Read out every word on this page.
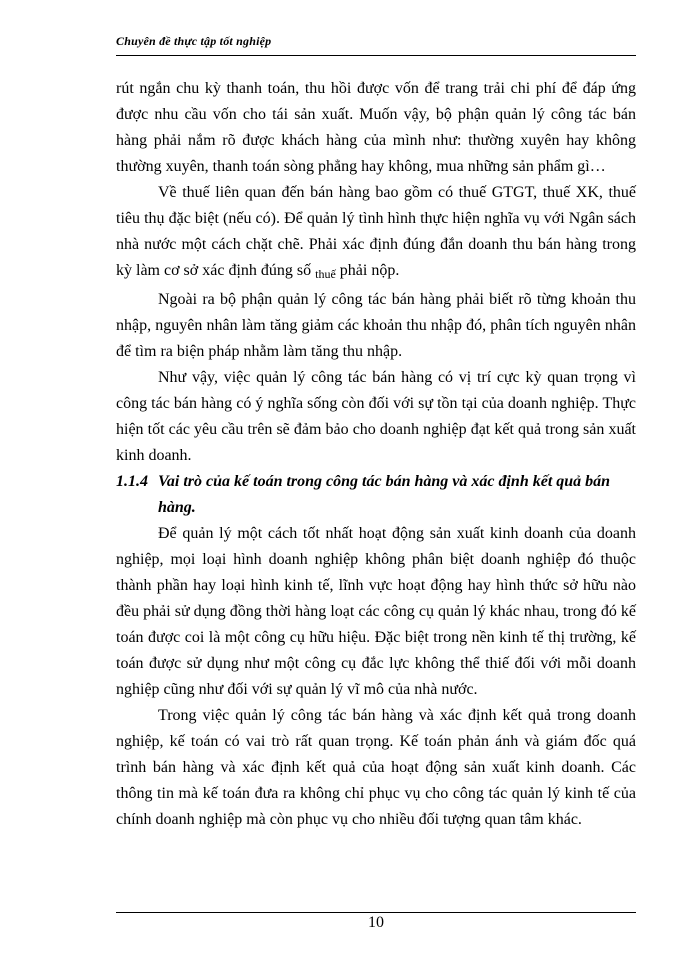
Chuyên đề thực tập tốt nghiệp

rút ngắn chu kỳ thanh toán, thu hồi được vốn để trang trải chi phí để đáp ứng được nhu cầu vốn cho tái sản xuất. Muốn vậy, bộ phận quản lý công tác bán hàng phải nắm rõ được khách hàng của mình như: thường xuyên hay không thường xuyên, thanh toán sòng phẳng hay không, mua những sản phẩm gì…

Về thuế liên quan đến bán hàng bao gồm có thuế GTGT, thuế XK, thuế tiêu thụ đặc biệt (nếu có). Để quản lý tình hình thực hiện nghĩa vụ với Ngân sách nhà nước một cách chặt chẽ. Phải xác định đúng đắn doanh thu bán hàng trong kỳ làm cơ sở xác định đúng số $_{thuế}$ phải nộp.

Ngoài ra bộ phận quản lý công tác bán hàng phải biết rõ từng khoản thu nhập, nguyên nhân làm tăng giảm các khoản thu nhập đó, phân tích nguyên nhân để tìm ra biện pháp nhằm làm tăng thu nhập.

Như vậy, việc quản lý công tác bán hàng có vị trí cực kỳ quan trọng vì công tác bán hàng có ý nghĩa sống còn đối với sự tồn tại của doanh nghiệp. Thực hiện tốt các yêu cầu trên sẽ đảm bảo cho doanh nghiệp đạt kết quả trong sản xuất kinh doanh.

1.1.4 Vai trò của kế toán trong công tác bán hàng và xác định kết quả bán
hàng.

Để quản lý một cách tốt nhất hoạt động sản xuất kinh doanh của doanh nghiệp, mọi loại hình doanh nghiệp không phân biệt doanh nghiệp đó thuộc thành phần hay loại hình kinh tế, lĩnh vực hoạt động hay hình thức sở hữu nào đều phải sử dụng đồng thời hàng loạt các công cụ quản lý khác nhau, trong đó kế toán được coi là một công cụ hữu hiệu. Đặc biệt trong nền kinh tế thị trường, kế toán được sử dụng như một công cụ đắc lực không thể thiế đối với mỗi doanh nghiệp cũng như đối với sự quản lý vĩ mô của nhà nước.

Trong việc quản lý công tác bán hàng và xác định kết quả trong doanh nghiệp, kế toán có vai trò rất quan trọng. Kế toán phản ánh và giám đốc quá trình bán hàng và xác định kết quả của hoạt động sản xuất kinh doanh. Các thông tin mà kế toán đưa ra không chỉ phục vụ cho công tác quản lý kinh tế của chính doanh nghiệp mà còn phục vụ cho nhiều đối tượng quan tâm khác.

10
